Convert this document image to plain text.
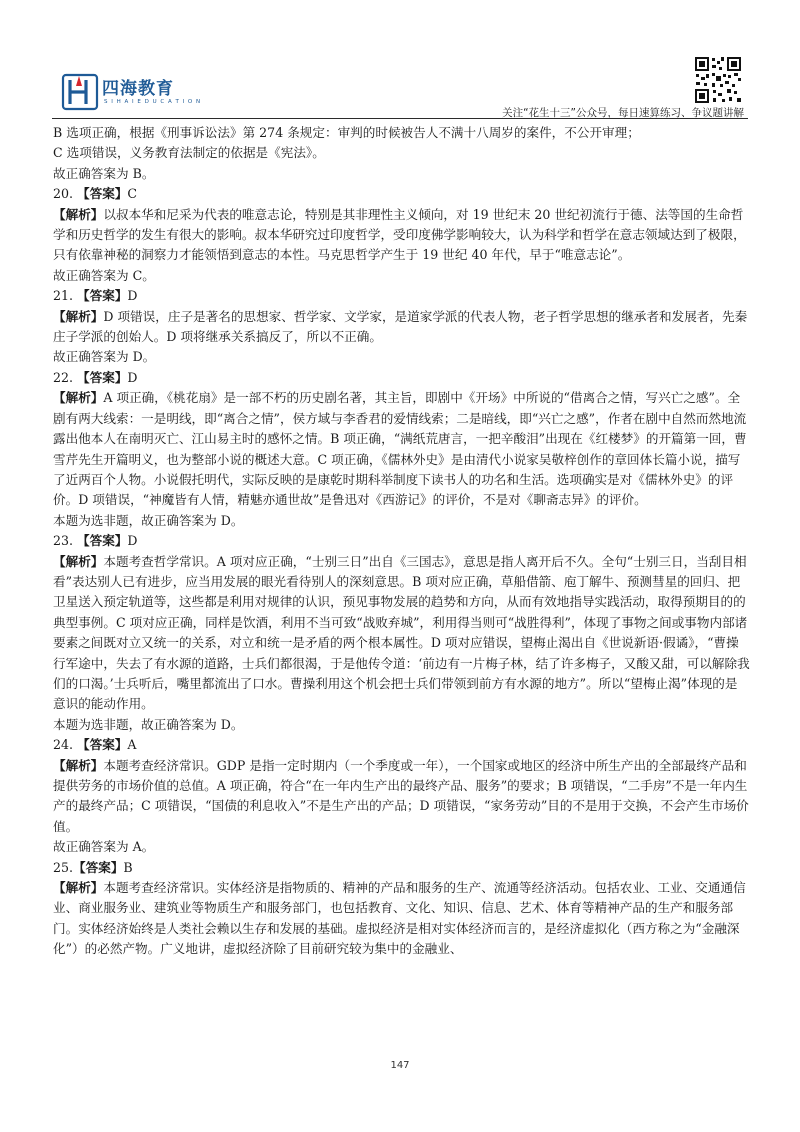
四海教育
S I H A I E D U C A T I O N
关注“花生十三”公众号，每日速算练习、争议题讲解

B 选项正确，根据《刑事诉讼法》第 274 条规定：审判的时候被告人不满十八周岁的案件，不公开审理；

C 选项错误，义务教育法制定的依据是《宪法》。

故正确答案为 B。

20. 【答案】C

【解析】以叔本华和尼采为代表的唯意志论，特别是其非理性主义倾向，对 19 世纪末 20 世纪初流行于德、法等国的生命哲学和历史哲学的发生有很大的影响。叔本华研究过印度哲学，受印度佛学影响较大，认为科学和哲学在意志领域达到了极限，只有依靠神秘的洞察力才能领悟到意志的本性。马克思哲学产生于 19 世纪 40 年代，早于“唯意志论”。

故正确答案为 C。

21. 【答案】D

【解析】D 项错误，庄子是著名的思想家、哲学家、文学家，是道家学派的代表人物，老子哲学思想的继承者和发展者，先秦庄子学派的创始人。D 项将继承关系搞反了，所以不正确。

故正确答案为 D。

22. 【答案】D

【解析】A 项正确，《桃花扇》是一部不朽的历史剧名著，其主旨，即剧中《开场》中所说的“借离合之情，写兴亡之感”。全剧有两大线索：一是明线，即“离合之情”，侯方域与李香君的爱情线索；二是暗线，即“兴亡之感”，作者在剧中自然而然地流露出他本人在南明灭亡、江山易主时的感怀之情。B 项正确，“满纸荒唐言，一把辛酸泪”出现在《红楼梦》的开篇第一回，曹雪芹先生开篇明义，也为整部小说的概述大意。C 项正确，《儒林外史》是由清代小说家吴敬梓创作的章回体长篇小说，描写了近两百个人物。小说假托明代，实际反映的是康乾时期科举制度下读书人的功名和生活。选项确实是对《儒林外史》的评价。D 项错误，“神魔皆有人情，精魅亦通世故”是鲁迅对《西游记》的评价，不是对《聊斋志异》的评价。

本题为选非题，故正确答案为 D。

23. 【答案】D

【解析】本题考查哲学常识。A 项对应正确，“士别三日”出自《三国志》，意思是指人离开后不久。全句“士别三日，当刮目相看”表达别人已有进步，应当用发展的眼光看待别人的深刻意思。B 项对应正确，草船借箭、庖丁解牛、预测彗星的回归、把卫星送入预定轨道等，这些都是利用对规律的认识，预见事物发展的趋势和方向，从而有效地指导实践活动，取得预期目的的典型事例。C 项对应正确，同样是饮酒，利用不当可致“战败弃城”，利用得当则可“战胜得利”，体现了事物之间或事物内部诸要素之间既对立又统一的关系，对立和统一是矛盾的两个根本属性。D 项对应错误，望梅止渴出自《世说新语·假谲》，“曹操行军途中，失去了有水源的道路，士兵们都很渴，于是他传令道：‘前边有一片梅子林，结了许多梅子，又酸又甜，可以解除我们的口渴。’士兵听后，嘴里都流出了口水。曹操利用这个机会把士兵们带领到前方有水源的地方”。所以“望梅止渴”体现的是意识的能动作用。

本题为选非题，故正确答案为 D。

24. 【答案】A

【解析】本题考查经济常识。GDP 是指一定时期内（一个季度或一年），一个国家或地区的经济中所生产出的全部最终产品和提供劳务的市场价值的总值。A 项正确，符合“在一年内生产出的最终产品、服务”的要求；B 项错误，“二手房”不是一年内生产的最终产品；C 项错误，“国债的利息收入”不是生产出的产品；D 项错误，“家务劳动”目的不是用于交换，不会产生市场价值。

故正确答案为 A。

25.【答案】B

【解析】本题考查经济常识。实体经济是指物质的、精神的产品和服务的生产、流通等经济活动。包括农业、工业、交通通信业、商业服务业、建筑业等物质生产和服务部门，也包括教育、文化、知识、信息、艺术、体育等精神产品的生产和服务部门。实体经济始终是人类社会赖以生存和发展的基础。虚拟经济是相对实体经济而言的，是经济虚拟化（西方称之为“金融深化”）的必然产物。广义地讲，虚拟经济除了目前研究较为集中的金融业、

147
